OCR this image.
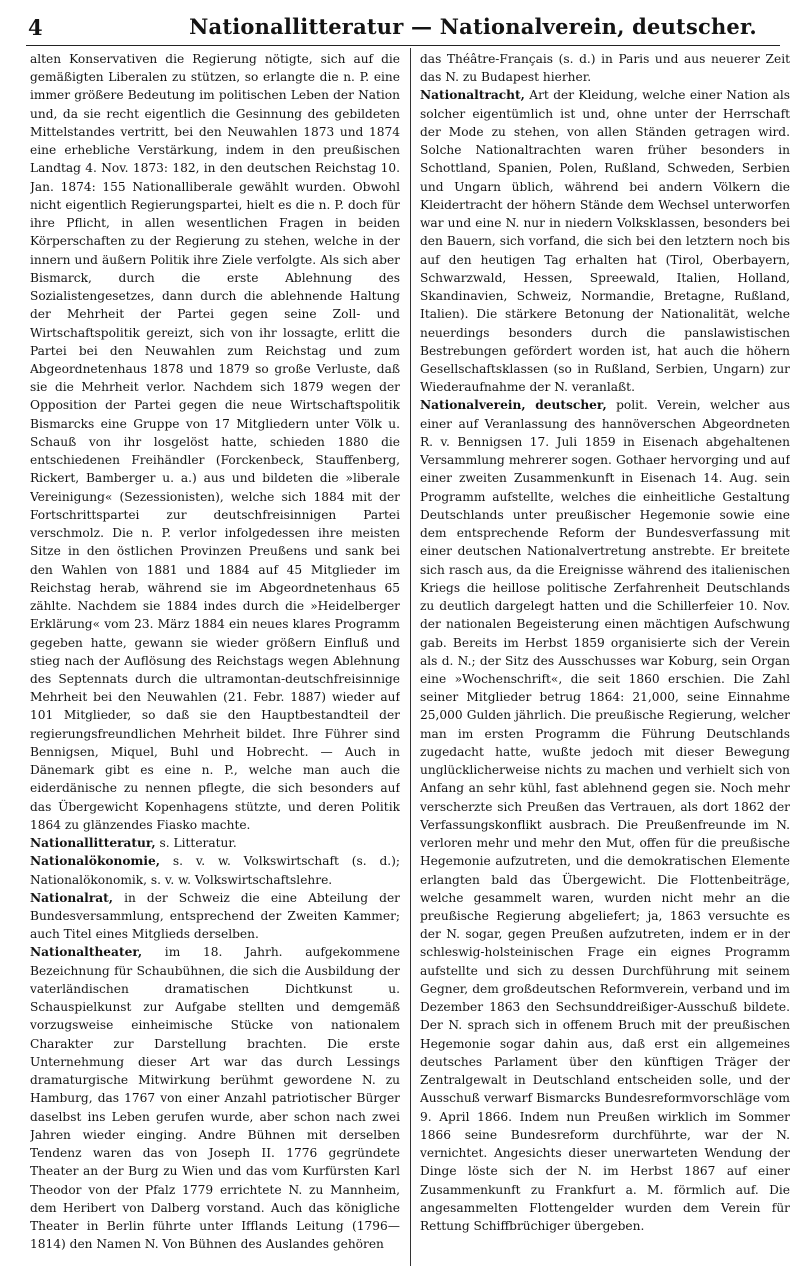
4	Nationallitteratur — Nationalverein, deutscher.

alten Konservativen die Regierung nötigte, sich auf die gemäßigten Liberalen zu stützen, so erlangte die n. P. eine immer größere Bedeutung im politischen Leben der Nation und, da sie recht eigentlich die Gesinnung des gebildeten Mittelstandes vertritt, bei den Neuwahlen 1873 und 1874 eine erhebliche Verstärkung, indem in den preußischen Landtag 4. Nov. 1873: 182, in den deutschen Reichstag 10. Jan. 1874: 155 Nationalliberale gewählt wurden. Obwohl nicht eigentlich Regierungspartei, hielt es die n. P. doch für ihre Pflicht, in allen wesentlichen Fragen in beiden Körperschaften zu der Regierung zu stehen, welche in der innern und äußern Politik ihre Ziele verfolgte. Als sich aber Bismarck, durch die erste Ablehnung des Sozialistengesetzes, dann durch die ablehnende Haltung der Mehrheit der Partei gegen seine Zoll- und Wirtschaftspolitik gereizt, sich von ihr lossagte, erlitt die Partei bei den Neuwahlen zum Reichstag und zum Abgeordnetenhaus 1878 und 1879 so große Verluste, daß sie die Mehrheit verlor. Nachdem sich 1879 wegen der Opposition der Partei gegen die neue Wirtschaftspolitik Bismarcks eine Gruppe von 17 Mitgliedern unter Völk u. Schauß von ihr losgelöst hatte, schieden 1880 die entschiedenen Freihändler (Forckenbeck, Stauffenberg, Rickert, Bamberger u. a.) aus und bildeten die »liberale Vereinigung« (Sezessionisten), welche sich 1884 mit der Fortschrittspartei zur deutschfreisinnigen Partei verschmolz. Die n. P. verlor infolgedessen ihre meisten Sitze in den östlichen Provinzen Preußens und sank bei den Wahlen von 1881 und 1884 auf 45 Mitglieder im Reichstag herab, während sie im Abgeordnetenhaus 65 zählte. Nachdem sie 1884 indes durch die »Heidelberger Erklärung« vom 23. März 1884 ein neues klares Programm gegeben hatte, gewann sie wieder größern Einfluß und stieg nach der Auflösung des Reichstags wegen Ablehnung des Septennats durch die ultramontan-deutschfreisinnige Mehrheit bei den Neuwahlen (21. Febr. 1887) wieder auf 101 Mitglieder, so daß sie den Hauptbestandteil der regierungsfreundlichen Mehrheit bildet. Ihre Führer sind Bennigsen, Miquel, Buhl und Hobrecht. — Auch in Dänemark gibt es eine n. P., welche man auch die eiderdänische zu nennen pflegte, die sich besonders auf das Übergewicht Kopenhagens stützte, und deren Politik 1864 zu glänzendes Fiasko machte.

Nationallitteratur, s. Litteratur.

Nationalökonomie, s. v. w. Volkswirtschaft (s. d.); Nationalökonomik, s. v. w. Volkswirtschaftslehre.

Nationalrat, in der Schweiz die eine Abteilung der Bundesversammlung, entsprechend der Zweiten Kammer; auch Titel eines Mitglieds derselben.

Nationaltheater, im 18. Jahrh. aufgekommene Bezeichnung für Schaubühnen, die sich die Ausbildung der vaterländischen dramatischen Dichtkunst u. Schauspielkunst zur Aufgabe stellten und demgemäß vorzugsweise einheimische Stücke von nationalem Charakter zur Darstellung brachten. Die erste Unternehmung dieser Art war das durch Lessings dramaturgische Mitwirkung berühmt gewordene N. zu Hamburg, das 1767 von einer Anzahl patriotischer Bürger daselbst ins Leben gerufen wurde, aber schon nach zwei Jahren wieder einging. Andre Bühnen mit derselben Tendenz waren das von Joseph II. 1776 gegründete Theater an der Burg zu Wien und das vom Kurfürsten Karl Theodor von der Pfalz 1779 errichtete N. zu Mannheim, dem Heribert von Dalberg vorstand. Auch das königliche Theater in Berlin führte unter Ifflands Leitung (1796—1814) den Namen N. Von Bühnen des Auslandes gehören

das Théâtre-Français (s. d.) in Paris und aus neuerer Zeit das N. zu Budapest hierher.

Nationaltracht, Art der Kleidung, welche einer Nation als solcher eigentümlich ist und, ohne unter der Herrschaft der Mode zu stehen, von allen Ständen getragen wird. Solche Nationaltrachten waren früher besonders in Schottland, Spanien, Polen, Rußland, Schweden, Serbien und Ungarn üblich, während bei andern Völkern die Kleidertracht der höhern Stände dem Wechsel unterworfen war und eine N. nur in niedern Volksklassen, besonders bei den Bauern, sich vorfand, die sich bei den letztern noch bis auf den heutigen Tag erhalten hat (Tirol, Oberbayern, Schwarzwald, Hessen, Spreewald, Italien, Holland, Skandinavien, Schweiz, Normandie, Bretagne, Rußland, Italien). Die stärkere Betonung der Nationalität, welche neuerdings besonders durch die panslawistischen Bestrebungen gefördert worden ist, hat auch die höhern Gesellschaftsklassen (so in Rußland, Serbien, Ungarn) zur Wiederaufnahme der N. veranlaßt.

Nationalverein, deutscher, polit. Verein, welcher aus einer auf Veranlassung des hannöverschen Abgeordneten R. v. Bennigsen 17. Juli 1859 in Eisenach abgehaltenen Versammlung mehrerer sogen. Gothaer hervorging und auf einer zweiten Zusammenkunft in Eisenach 14. Aug. sein Programm aufstellte, welches die einheitliche Gestaltung Deutschlands unter preußischer Hegemonie sowie eine dem entsprechende Reform der Bundesverfassung mit einer deutschen Nationalvertretung anstrebte. Er breitete sich rasch aus, da die Ereignisse während des italienischen Kriegs die heillose politische Zerfahrenheit Deutschlands zu deutlich dargelegt hatten und die Schillerfeier 10. Nov. der nationalen Begeisterung einen mächtigen Aufschwung gab. Bereits im Herbst 1859 organisierte sich der Verein als d. N.; der Sitz des Ausschusses war Koburg, sein Organ eine »Wochenschrift«, die seit 1860 erschien. Die Zahl seiner Mitglieder betrug 1864: 21,000, seine Einnahme 25,000 Gulden jährlich. Die preußische Regierung, welcher man im ersten Programm die Führung Deutschlands zugedacht hatte, wußte jedoch mit dieser Bewegung unglücklicherweise nichts zu machen und verhielt sich von Anfang an sehr kühl, fast ablehnend gegen sie. Noch mehr verscherzte sich Preußen das Vertrauen, als dort 1862 der Verfassungskonflikt ausbrach. Die Preußenfreunde im N. verloren mehr und mehr den Mut, offen für die preußische Hegemonie aufzutreten, und die demokratischen Elemente erlangten bald das Übergewicht. Die Flottenbeiträge, welche gesammelt waren, wurden nicht mehr an die preußische Regierung abgeliefert; ja, 1863 versuchte es der N. sogar, gegen Preußen aufzutreten, indem er in der schleswig-holsteinischen Frage ein eignes Programm aufstellte und sich zu dessen Durchführung mit seinem Gegner, dem großdeutschen Reformverein, verband und im Dezember 1863 den Sechsunddreißiger-Ausschuß bildete. Der N. sprach sich in offenem Bruch mit der preußischen Hegemonie sogar dahin aus, daß erst ein allgemeines deutsches Parlament über den künftigen Träger der Zentralgewalt in Deutschland entscheiden solle, und der Ausschuß verwarf Bismarcks Bundesreformvorschläge vom 9. April 1866. Indem nun Preußen wirklich im Sommer 1866 seine Bundesreform durchführte, war der N. vernichtet. Angesichts dieser unerwarteten Wendung der Dinge löste sich der N. im Herbst 1867 auf einer Zusammenkunft zu Frankfurt a. M. förmlich auf. Die angesammelten Flottengelder wurden dem Verein für Rettung Schiffbrüchiger übergeben.
